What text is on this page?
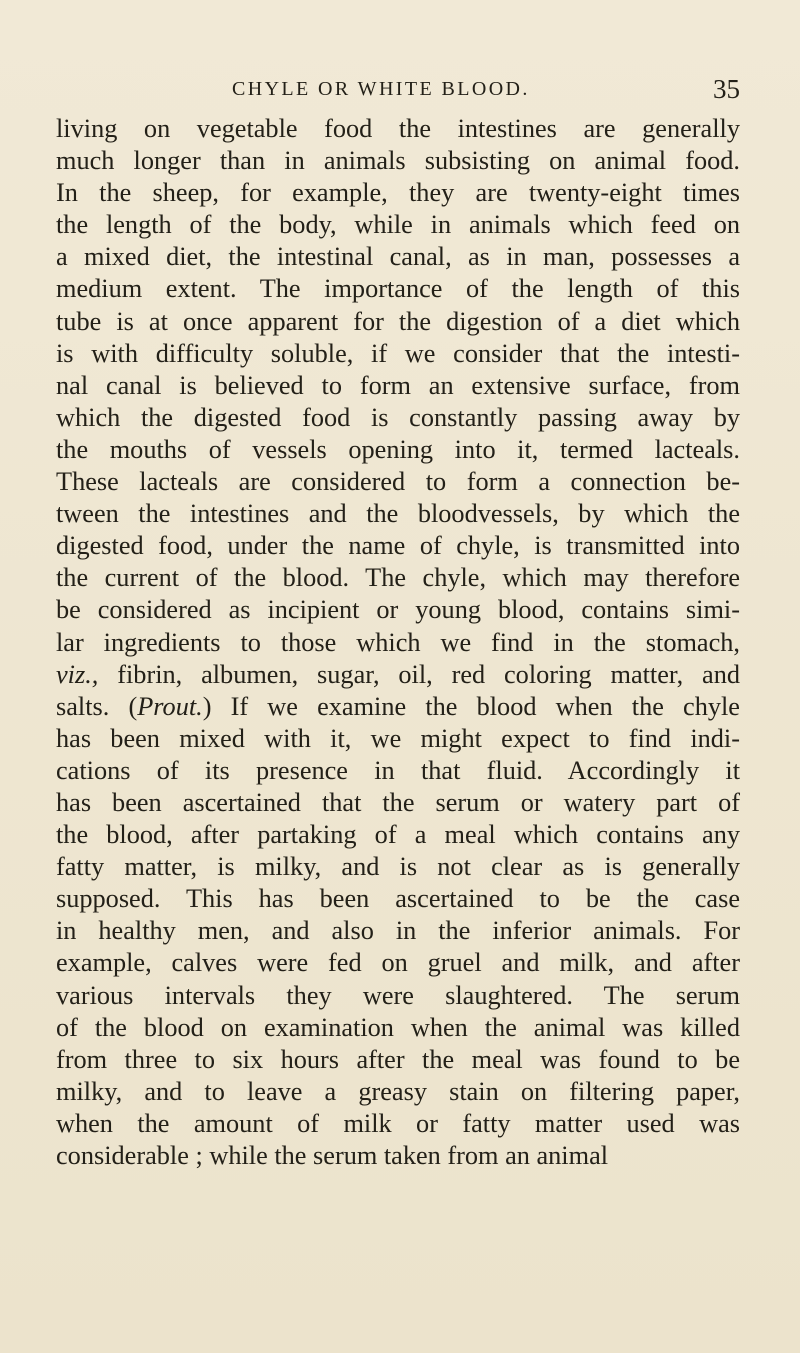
CHYLE OR WHITE BLOOD.	35
living on vegetable food the intestines are generally
much longer than in animals subsisting on animal food.
In the sheep, for example, they are twenty-eight times
the length of the body, while in animals which feed on
a mixed diet, the intestinal canal, as in man, possesses a
medium extent. The importance of the length of this
tube is at once apparent for the digestion of a diet which
is with difficulty soluble, if we consider that the intesti-
nal canal is believed to form an extensive surface, from
which the digested food is constantly passing away by
the mouths of vessels opening into it, termed lacteals.
These lacteals are considered to form a connection be-
tween the intestines and the bloodvessels, by which the
digested food, under the name of chyle, is transmitted into
the current of the blood. The chyle, which may therefore
be considered as incipient or young blood, contains simi-
lar ingredients to those which we find in the stomach,
viz., fibrin, albumen, sugar, oil, red coloring matter, and
salts. (Prout.) If we examine the blood when the chyle
has been mixed with it, we might expect to find indi-
cations of its presence in that fluid. Accordingly it
has been ascertained that the serum or watery part of
the blood, after partaking of a meal which contains any
fatty matter, is milky, and is not clear as is generally
supposed. This has been ascertained to be the case
in healthy men, and also in the inferior animals. For
example, calves were fed on gruel and milk, and after
various intervals they were slaughtered. The serum
of the blood on examination when the animal was killed
from three to six hours after the meal was found to be
milky, and to leave a greasy stain on filtering paper,
when the amount of milk or fatty matter used was
considerable ; while the serum taken from an animal
